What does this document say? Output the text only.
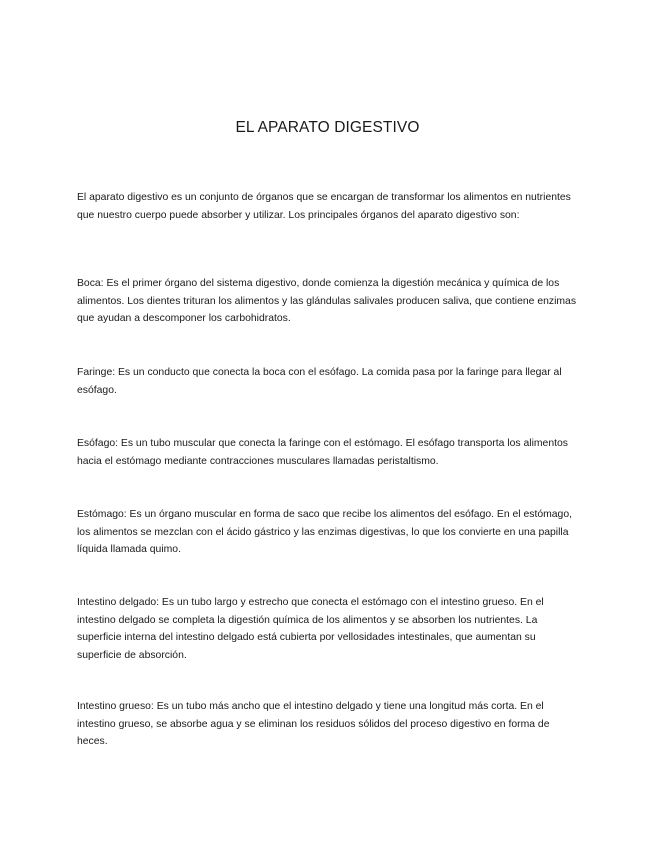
EL APARATO DIGESTIVO
El aparato digestivo es un conjunto de órganos que se encargan de transformar los alimentos en nutrientes que nuestro cuerpo puede absorber y utilizar. Los principales órganos del aparato digestivo son:
Boca: Es el primer órgano del sistema digestivo, donde comienza la digestión mecánica y química de los alimentos. Los dientes trituran los alimentos y las glándulas salivales producen saliva, que contiene enzimas que ayudan a descomponer los carbohidratos.
Faringe: Es un conducto que conecta la boca con el esófago. La comida pasa por la faringe para llegar al esófago.
Esófago: Es un tubo muscular que conecta la faringe con el estómago. El esófago transporta los alimentos hacia el estómago mediante contracciones musculares llamadas peristaltismo.
Estómago: Es un órgano muscular en forma de saco que recibe los alimentos del esófago. En el estómago, los alimentos se mezclan con el ácido gástrico y las enzimas digestivas, lo que los convierte en una papilla líquida llamada quimo.
Intestino delgado: Es un tubo largo y estrecho que conecta el estómago con el intestino grueso. En el intestino delgado se completa la digestión química de los alimentos y se absorben los nutrientes. La superficie interna del intestino delgado está cubierta por vellosidades intestinales, que aumentan su superficie de absorción.
Intestino grueso: Es un tubo más ancho que el intestino delgado y tiene una longitud más corta. En el intestino grueso, se absorbe agua y se eliminan los residuos sólidos del proceso digestivo en forma de heces.
